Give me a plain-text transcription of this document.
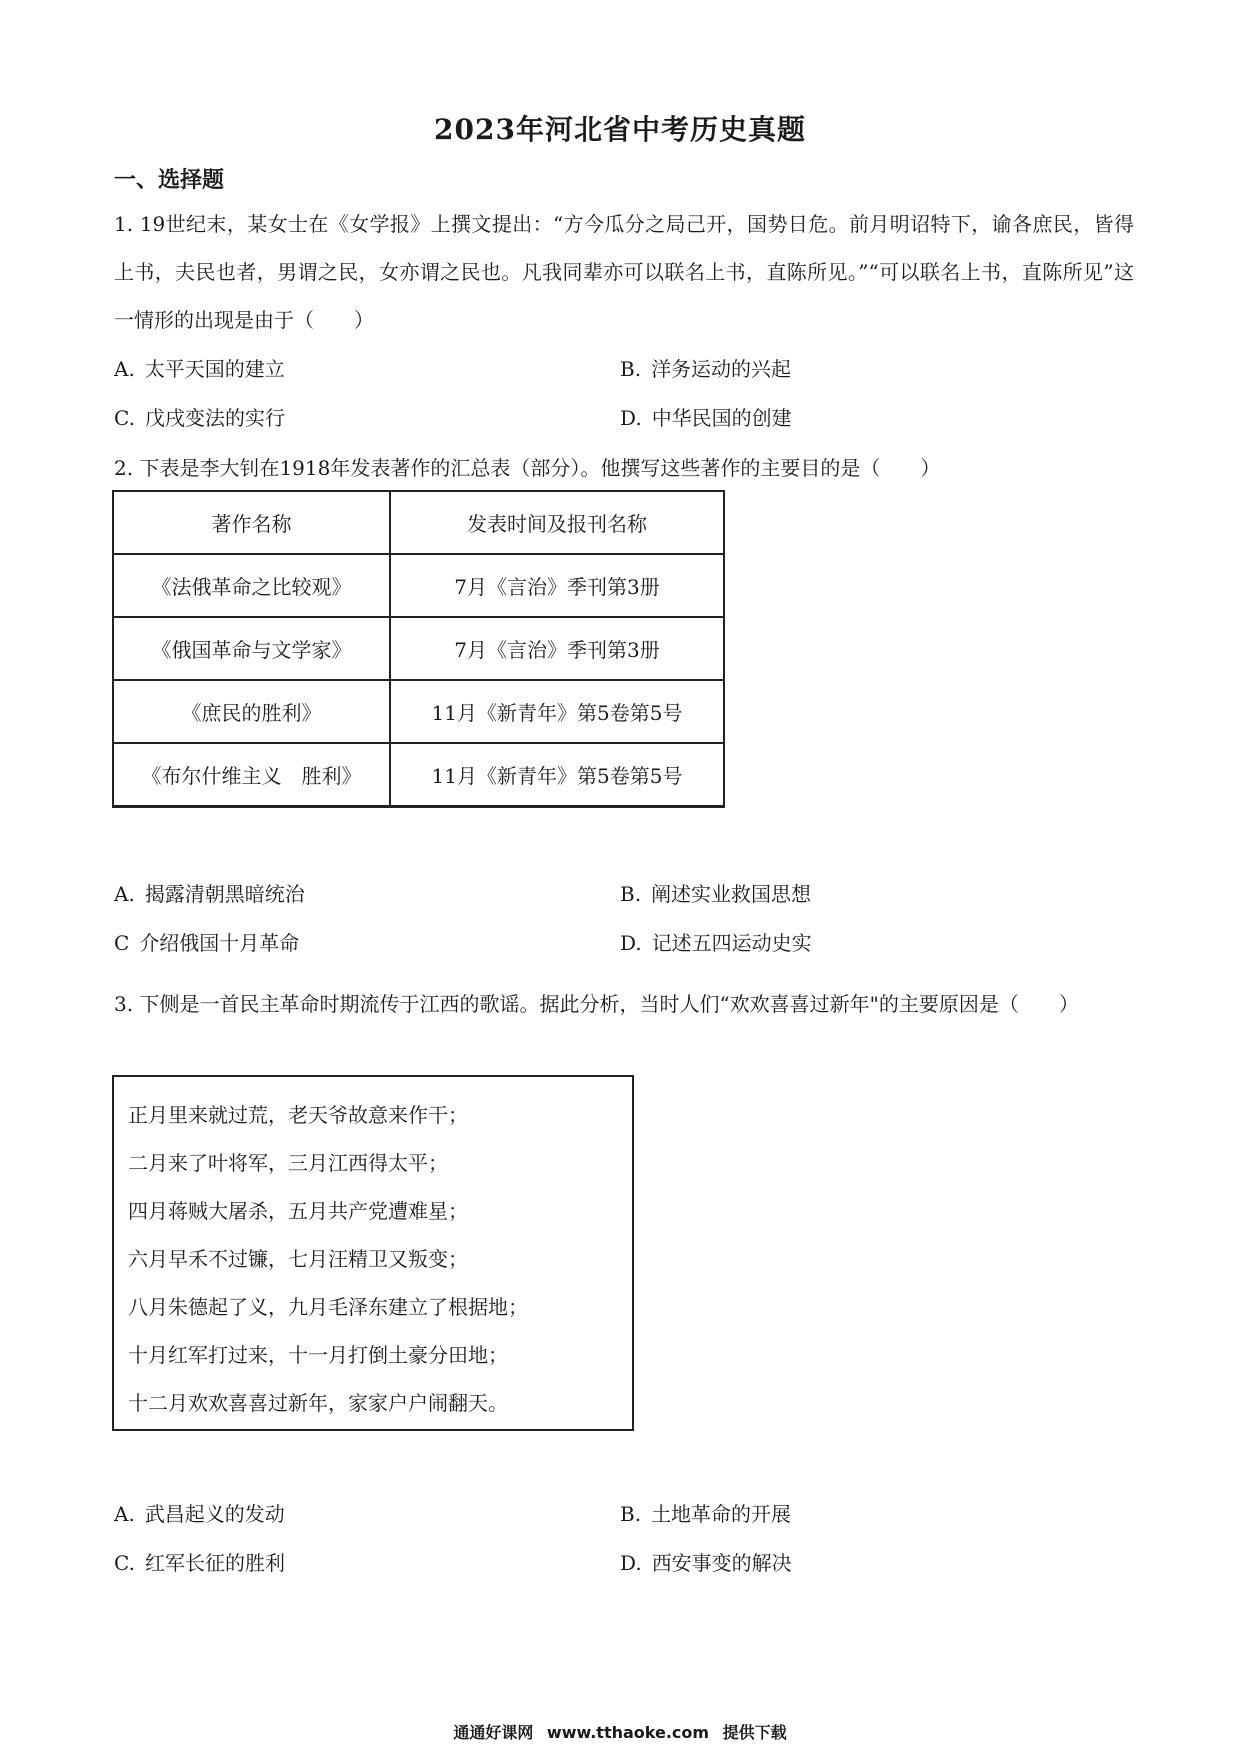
2023年河北省中考历史真题
一、选择题

1. 19世纪末，某女士在《女学报》上撰文提出：“方今瓜分之局己开，国势日危。前月明诏特下，谕各庶民，皆得上书，夫民也者，男谓之民，女亦谓之民也。凡我同辈亦可以联名上书，直陈所见。”“可以联名上书，直陈所见”这一情形的出现是由于（　　）

A. 太平天国的建立	B. 洋务运动的兴起
C. 戊戌变法的实行	D. 中华民国的创建

2. 下表是李大钊在1918年发表著作的汇总表（部分）。他撰写这些著作的主要目的是（　　）

著作名称	发表时间及报刊名称
《法俄革命之比较观》	7月《言治》季刊第3册
《俄国革命与文学家》	7月《言治》季刊第3册
《庶民的胜利》	11月《新青年》第5卷第5号
《布尔什维主义　胜利》	11月《新青年》第5卷第5号
A. 揭露清朝黑暗统治	B. 阐述实业救国思想
C 介绍俄国十月革命	D. 记述五四运动史实

3. 下侧是一首民主革命时期流传于江西的歌谣。据此分析，当时人们“欢欢喜喜过新年"的主要原因是（　　）

正月里来就过荒，老天爷故意来作干；
二月来了叶将军，三月江西得太平；
四月蒋贼大屠杀，五月共产党遭难星；
六月早禾不过镰，七月汪精卫又叛变；
八月朱德起了义，九月毛泽东建立了根据地；
十月红军打过来，十一月打倒土豪分田地；
十二月欢欢喜喜过新年，家家户户闹翻天。
A. 武昌起义的发动	B. 土地革命的开展
C. 红军长征的胜利	D. 西安事变的解决
通通好课网 www.tthaoke.com 提供下载
